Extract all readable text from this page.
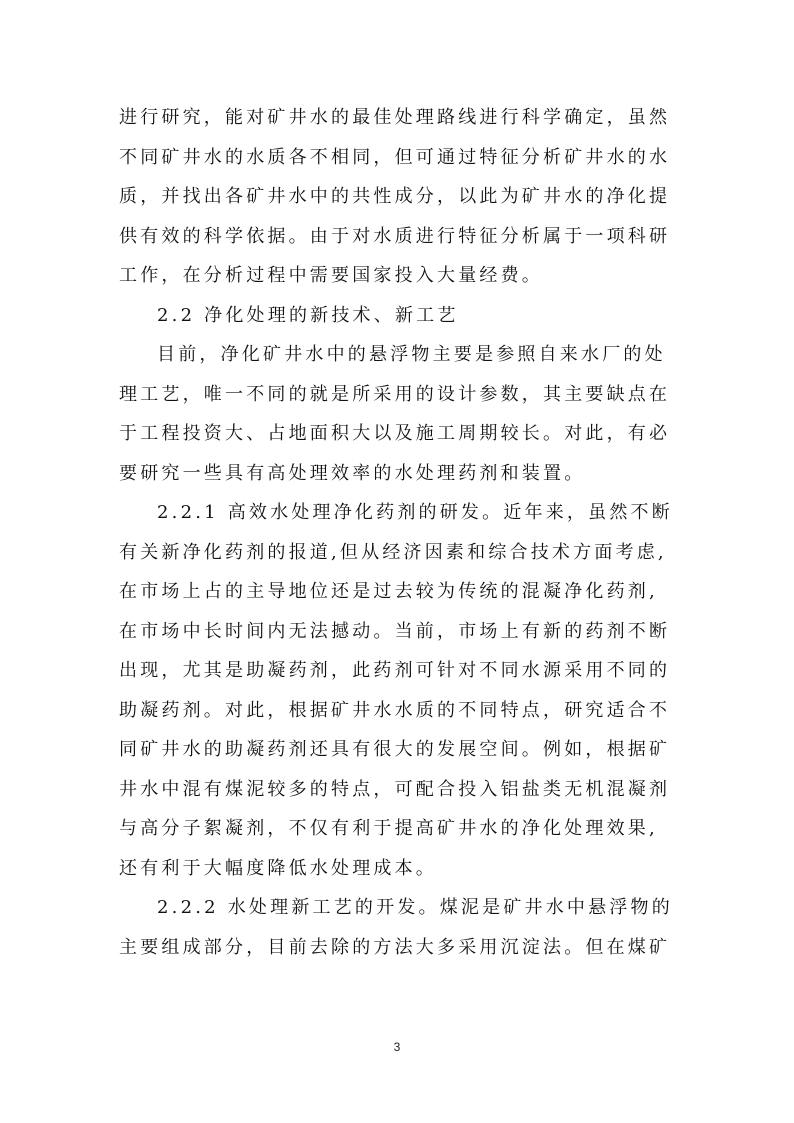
进行研究，能对矿井水的最佳处理路线进行科学确定，虽然
不同矿井水的水质各不相同，但可通过特征分析矿井水的水
质，并找出各矿井水中的共性成分，以此为矿井水的净化提
供有效的科学依据。由于对水质进行特征分析属于一项科研
工作，在分析过程中需要国家投入大量经费。
2.2 净化处理的新技术、新工艺
目前，净化矿井水中的悬浮物主要是参照自来水厂的处
理工艺，唯一不同的就是所采用的设计参数，其主要缺点在
于工程投资大、占地面积大以及施工周期较长。对此，有必
要研究一些具有高处理效率的水处理药剂和装置。
2.2.1 高效水处理净化药剂的研发。近年来，虽然不断
有关新净化药剂的报道,但从经济因素和综合技术方面考虑,
在市场上占的主导地位还是过去较为传统的混凝净化药剂,
在市场中长时间内无法撼动。当前，市场上有新的药剂不断
出现，尤其是助凝药剂，此药剂可针对不同水源采用不同的
助凝药剂。对此，根据矿井水水质的不同特点，研究适合不
同矿井水的助凝药剂还具有很大的发展空间。例如，根据矿
井水中混有煤泥较多的特点，可配合投入铝盐类无机混凝剂
与高分子絮凝剂，不仅有利于提高矿井水的净化处理效果,
还有利于大幅度降低水处理成本。
2.2.2 水处理新工艺的开发。煤泥是矿井水中悬浮物的
主要组成部分，目前去除的方法大多采用沉淀法。但在煤矿
3
